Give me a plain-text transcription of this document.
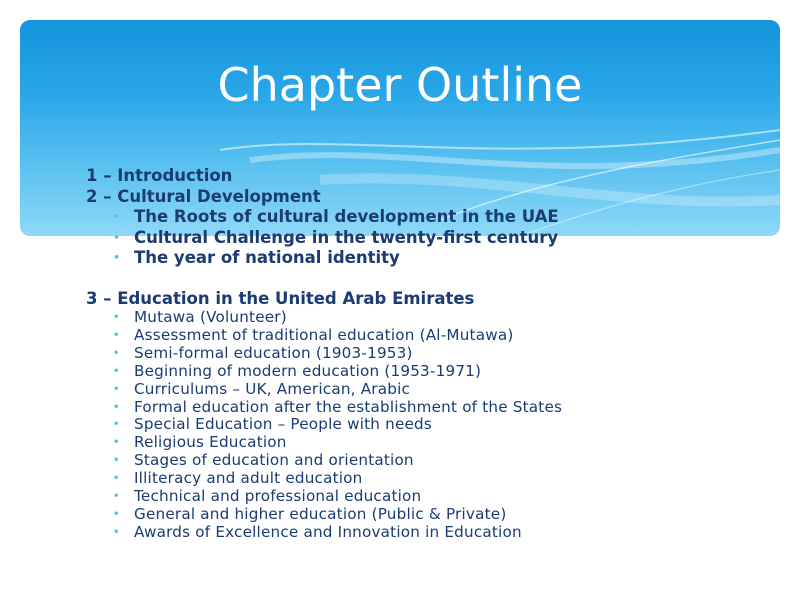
Chapter Outline
1 – Introduction
2 – Cultural Development
• The Roots of cultural development in the UAE
• Cultural Challenge in the twenty-first century
• The year of national identity
3 – Education in the United Arab Emirates
• Mutawa (Volunteer)
• Assessment of traditional education (Al-Mutawa)
• Semi-formal education (1903-1953)
• Beginning of modern education (1953-1971)
• Curriculums – UK, American, Arabic
• Formal education after the establishment of the States
• Special Education – People with needs
• Religious Education
• Stages of education and orientation
• Illiteracy and adult education
• Technical and professional education
• General and higher education (Public & Private)
• Awards of Excellence and Innovation in Education
